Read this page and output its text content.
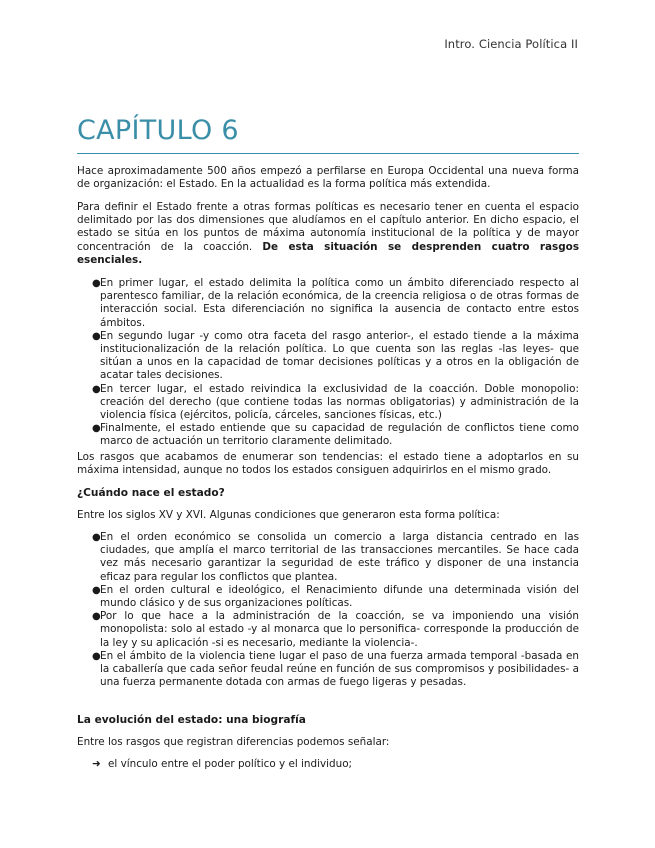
Intro. Ciencia Política II
CAPÍTULO 6

Hace aproximadamente 500 años empezó a perfilarse en Europa Occidental una nueva forma de organización: el Estado. En la actualidad es la forma política más extendida.

Para definir el Estado frente a otras formas políticas es necesario tener en cuenta el espacio delimitado por las dos dimensiones que aludíamos en el capítulo anterior. En dicho espacio, el estado se sitúa en los puntos de máxima autonomía institucional de la política y de mayor concentración de la coacción. De esta situación se desprenden cuatro rasgos esenciales.

● En primer lugar, el estado delimita la política como un ámbito diferenciado respecto al parentesco familiar, de la relación económica, de la creencia religiosa o de otras formas de interacción social. Esta diferenciación no significa la ausencia de contacto entre estos ámbitos.
● En segundo lugar -y como otra faceta del rasgo anterior-, el estado tiende a la máxima institucionalización de la relación política. Lo que cuenta son las reglas -las leyes- que sitúan a unos en la capacidad de tomar decisiones políticas y a otros en la obligación de acatar tales decisiones.
● En tercer lugar, el estado reivindica la exclusividad de la coacción. Doble monopolio: creación del derecho (que contiene todas las normas obligatorias) y administración de la violencia física (ejércitos, policía, cárceles, sanciones físicas, etc.)
● Finalmente, el estado entiende que su capacidad de regulación de conflictos tiene como marco de actuación un territorio claramente delimitado.

Los rasgos que acabamos de enumerar son tendencias: el estado tiene a adoptarlos en su máxima intensidad, aunque no todos los estados consiguen adquirirlos en el mismo grado.

¿Cuándo nace el estado?

Entre los siglos XV y XVI. Algunas condiciones que generaron esta forma política:

● En el orden económico se consolida un comercio a larga distancia centrado en las ciudades, que amplía el marco territorial de las transacciones mercantiles. Se hace cada vez más necesario garantizar la seguridad de este tráfico y disponer de una instancia eficaz para regular los conflictos que plantea.
● En el orden cultural e ideológico, el Renacimiento difunde una determinada visión del mundo clásico y de sus organizaciones políticas.
● Por lo que hace a la administración de la coacción, se va imponiendo una visión monopolista: solo al estado -y al monarca que lo personifica- corresponde la producción de la ley y su aplicación -si es necesario, mediante la violencia-.
● En el ámbito de la violencia tiene lugar el paso de una fuerza armada temporal -basada en la caballería que cada señor feudal reúne en función de sus compromisos y posibilidades- a una fuerza permanente dotada con armas de fuego ligeras y pesadas.
La evolución del estado: una biografía

Entre los rasgos que registran diferencias podemos señalar:

➜ el vínculo entre el poder político y el individuo;
